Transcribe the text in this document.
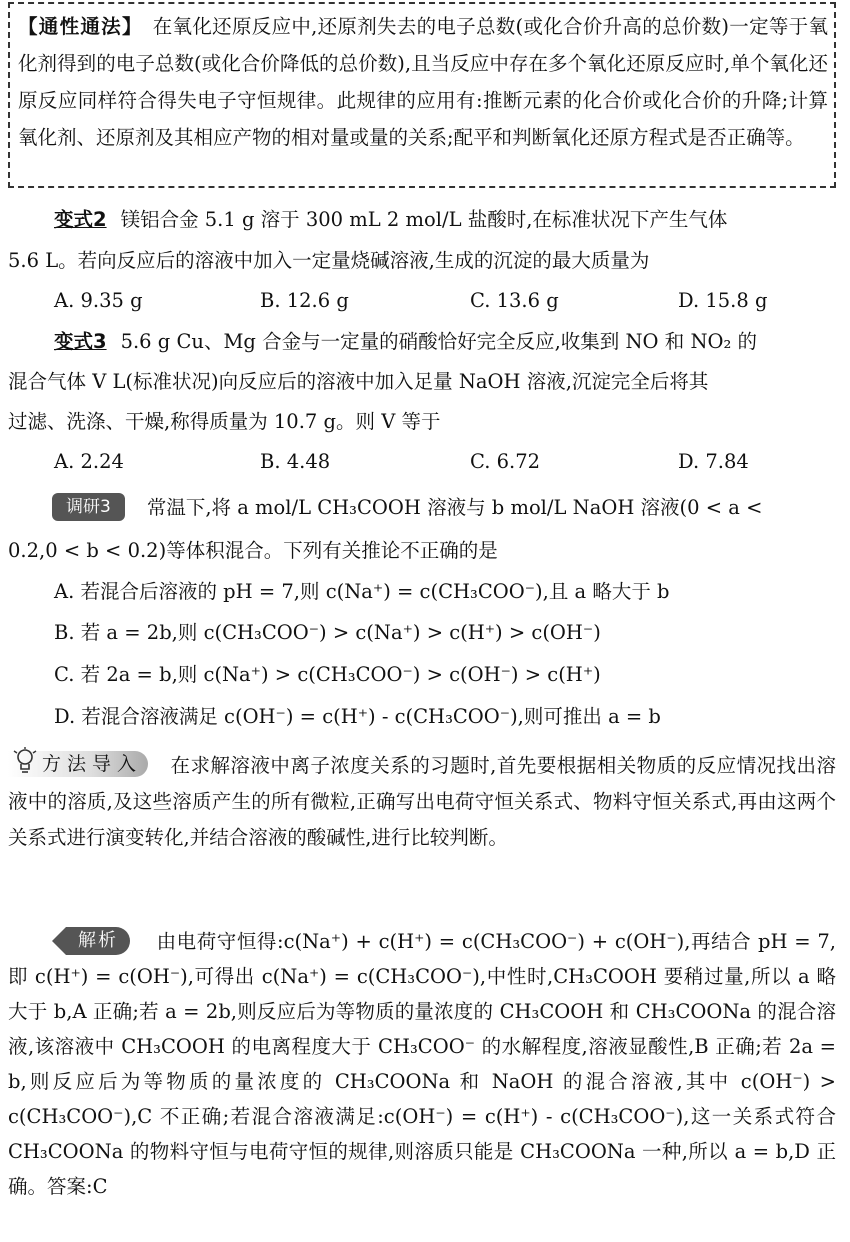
【通性通法】 在氧化还原反应中,还原剂失去的电子总数(或化合价升高的总价数)一定等于氧化剂得到的电子总数(或化合价降低的总价数),且当反应中存在多个氧化还原反应时,单个氧化还原反应同样符合得失电子守恒规律。此规律的应用有:推断元素的化合价或化合价的升降;计算氧化剂、还原剂及其相应产物的相对量或量的关系;配平和判断氧化还原方程式是否正确等。
变式2 镁铝合金 5.1 g 溶于 300 mL 2 mol/L 盐酸时,在标准状况下产生气体
5.6 L。若向反应后的溶液中加入一定量烧碱溶液,生成的沉淀的最大质量为
A. 9.35 g	B. 12.6 g	C. 13.6 g	D. 15.8 g
变式3 5.6 g Cu、Mg 合金与一定量的硝酸恰好完全反应,收集到 NO 和 NO₂ 的
混合气体 V L(标准状况)向反应后的溶液中加入足量 NaOH 溶液,沉淀完全后将其
过滤、洗涤、干燥,称得质量为 10.7 g。则 V 等于
A. 2.24	B. 4.48	C. 6.72	D. 7.84
调研3 常温下,将 a mol/L CH₃COOH 溶液与 b mol/L NaOH 溶液(0 < a <
0.2,0 < b < 0.2)等体积混合。下列有关推论不正确的是
A. 若混合后溶液的 pH = 7,则 c(Na⁺) = c(CH₃COO⁻),且 a 略大于 b
B. 若 a = 2b,则 c(CH₃COO⁻) > c(Na⁺) > c(H⁺) > c(OH⁻)
C. 若 2a = b,则 c(Na⁺) > c(CH₃COO⁻) > c(OH⁻) > c(H⁺)
D. 若混合溶液满足 c(OH⁻) = c(H⁺) - c(CH₃COO⁻),则可推出 a = b
方法导入 在求解溶液中离子浓度关系的习题时,首先要根据相关物质的反应情况找出溶液中的溶质,及这些溶质产生的所有微粒,正确写出电荷守恒关系式、物料守恒关系式,再由这两个关系式进行演变转化,并结合溶液的酸碱性,进行比较判断。
解析 由电荷守恒得:c(Na⁺) + c(H⁺) = c(CH₃COO⁻) + c(OH⁻),再结合 pH = 7,即 c(H⁺) = c(OH⁻),可得出 c(Na⁺) = c(CH₃COO⁻),中性时,CH₃COOH 要稍过量,所以 a 略大于 b,A 正确;若 a = 2b,则反应后为等物质的量浓度的 CH₃COOH 和 CH₃COONa 的混合溶液,该溶液中 CH₃COOH 的电离程度大于 CH₃COO⁻ 的水解程度,溶液显酸性,B 正确;若 2a = b,则反应后为等物质的量浓度的 CH₃COONa 和 NaOH 的混合溶液,其中 c(OH⁻) > c(CH₃COO⁻),C 不正确;若混合溶液满足:c(OH⁻) = c(H⁺) - c(CH₃COO⁻),这一关系式符合 CH₃COONa 的物料守恒与电荷守恒的规律,则溶质只能是 CH₃COONa 一种,所以 a = b,D 正确。答案:C
